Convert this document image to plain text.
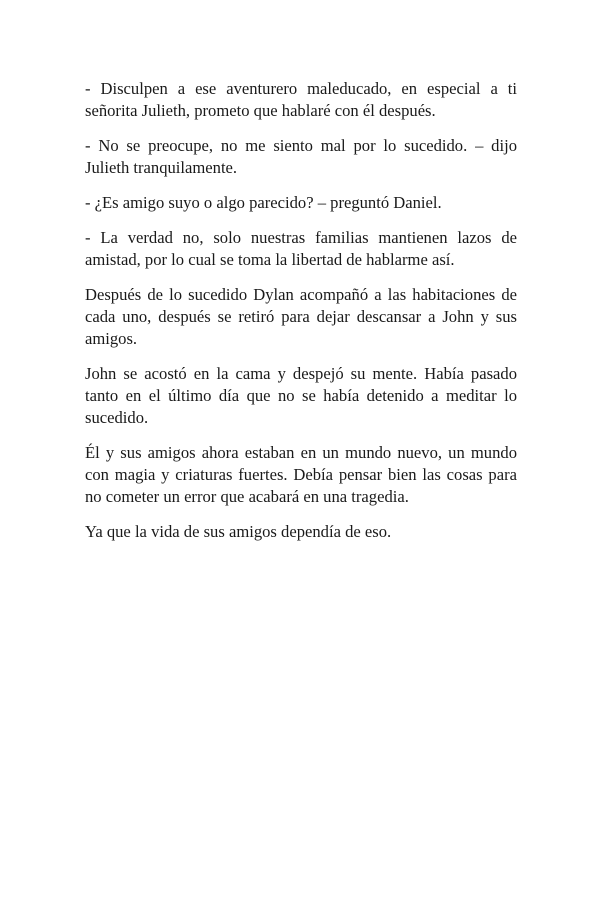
- Disculpen a ese aventurero maleducado, en especial a ti señorita Julieth, prometo que hablaré con él después.

- No se preocupe, no me siento mal por lo sucedido. – dijo Julieth tranquilamente.

- ¿Es amigo suyo o algo parecido? – preguntó Daniel.

- La verdad no, solo nuestras familias mantienen lazos de amistad, por lo cual se toma la libertad de hablarme así.

Después de lo sucedido Dylan acompañó a las habitaciones de cada uno, después se retiró para dejar descansar a John y sus amigos.

John se acostó en la cama y despejó su mente. Había pasado tanto en el último día que no se había detenido a meditar lo sucedido.

Él y sus amigos ahora estaban en un mundo nuevo, un mundo con magia y criaturas fuertes. Debía pensar bien las cosas para no cometer un error que acabará en una tragedia.

Ya que la vida de sus amigos dependía de eso.
